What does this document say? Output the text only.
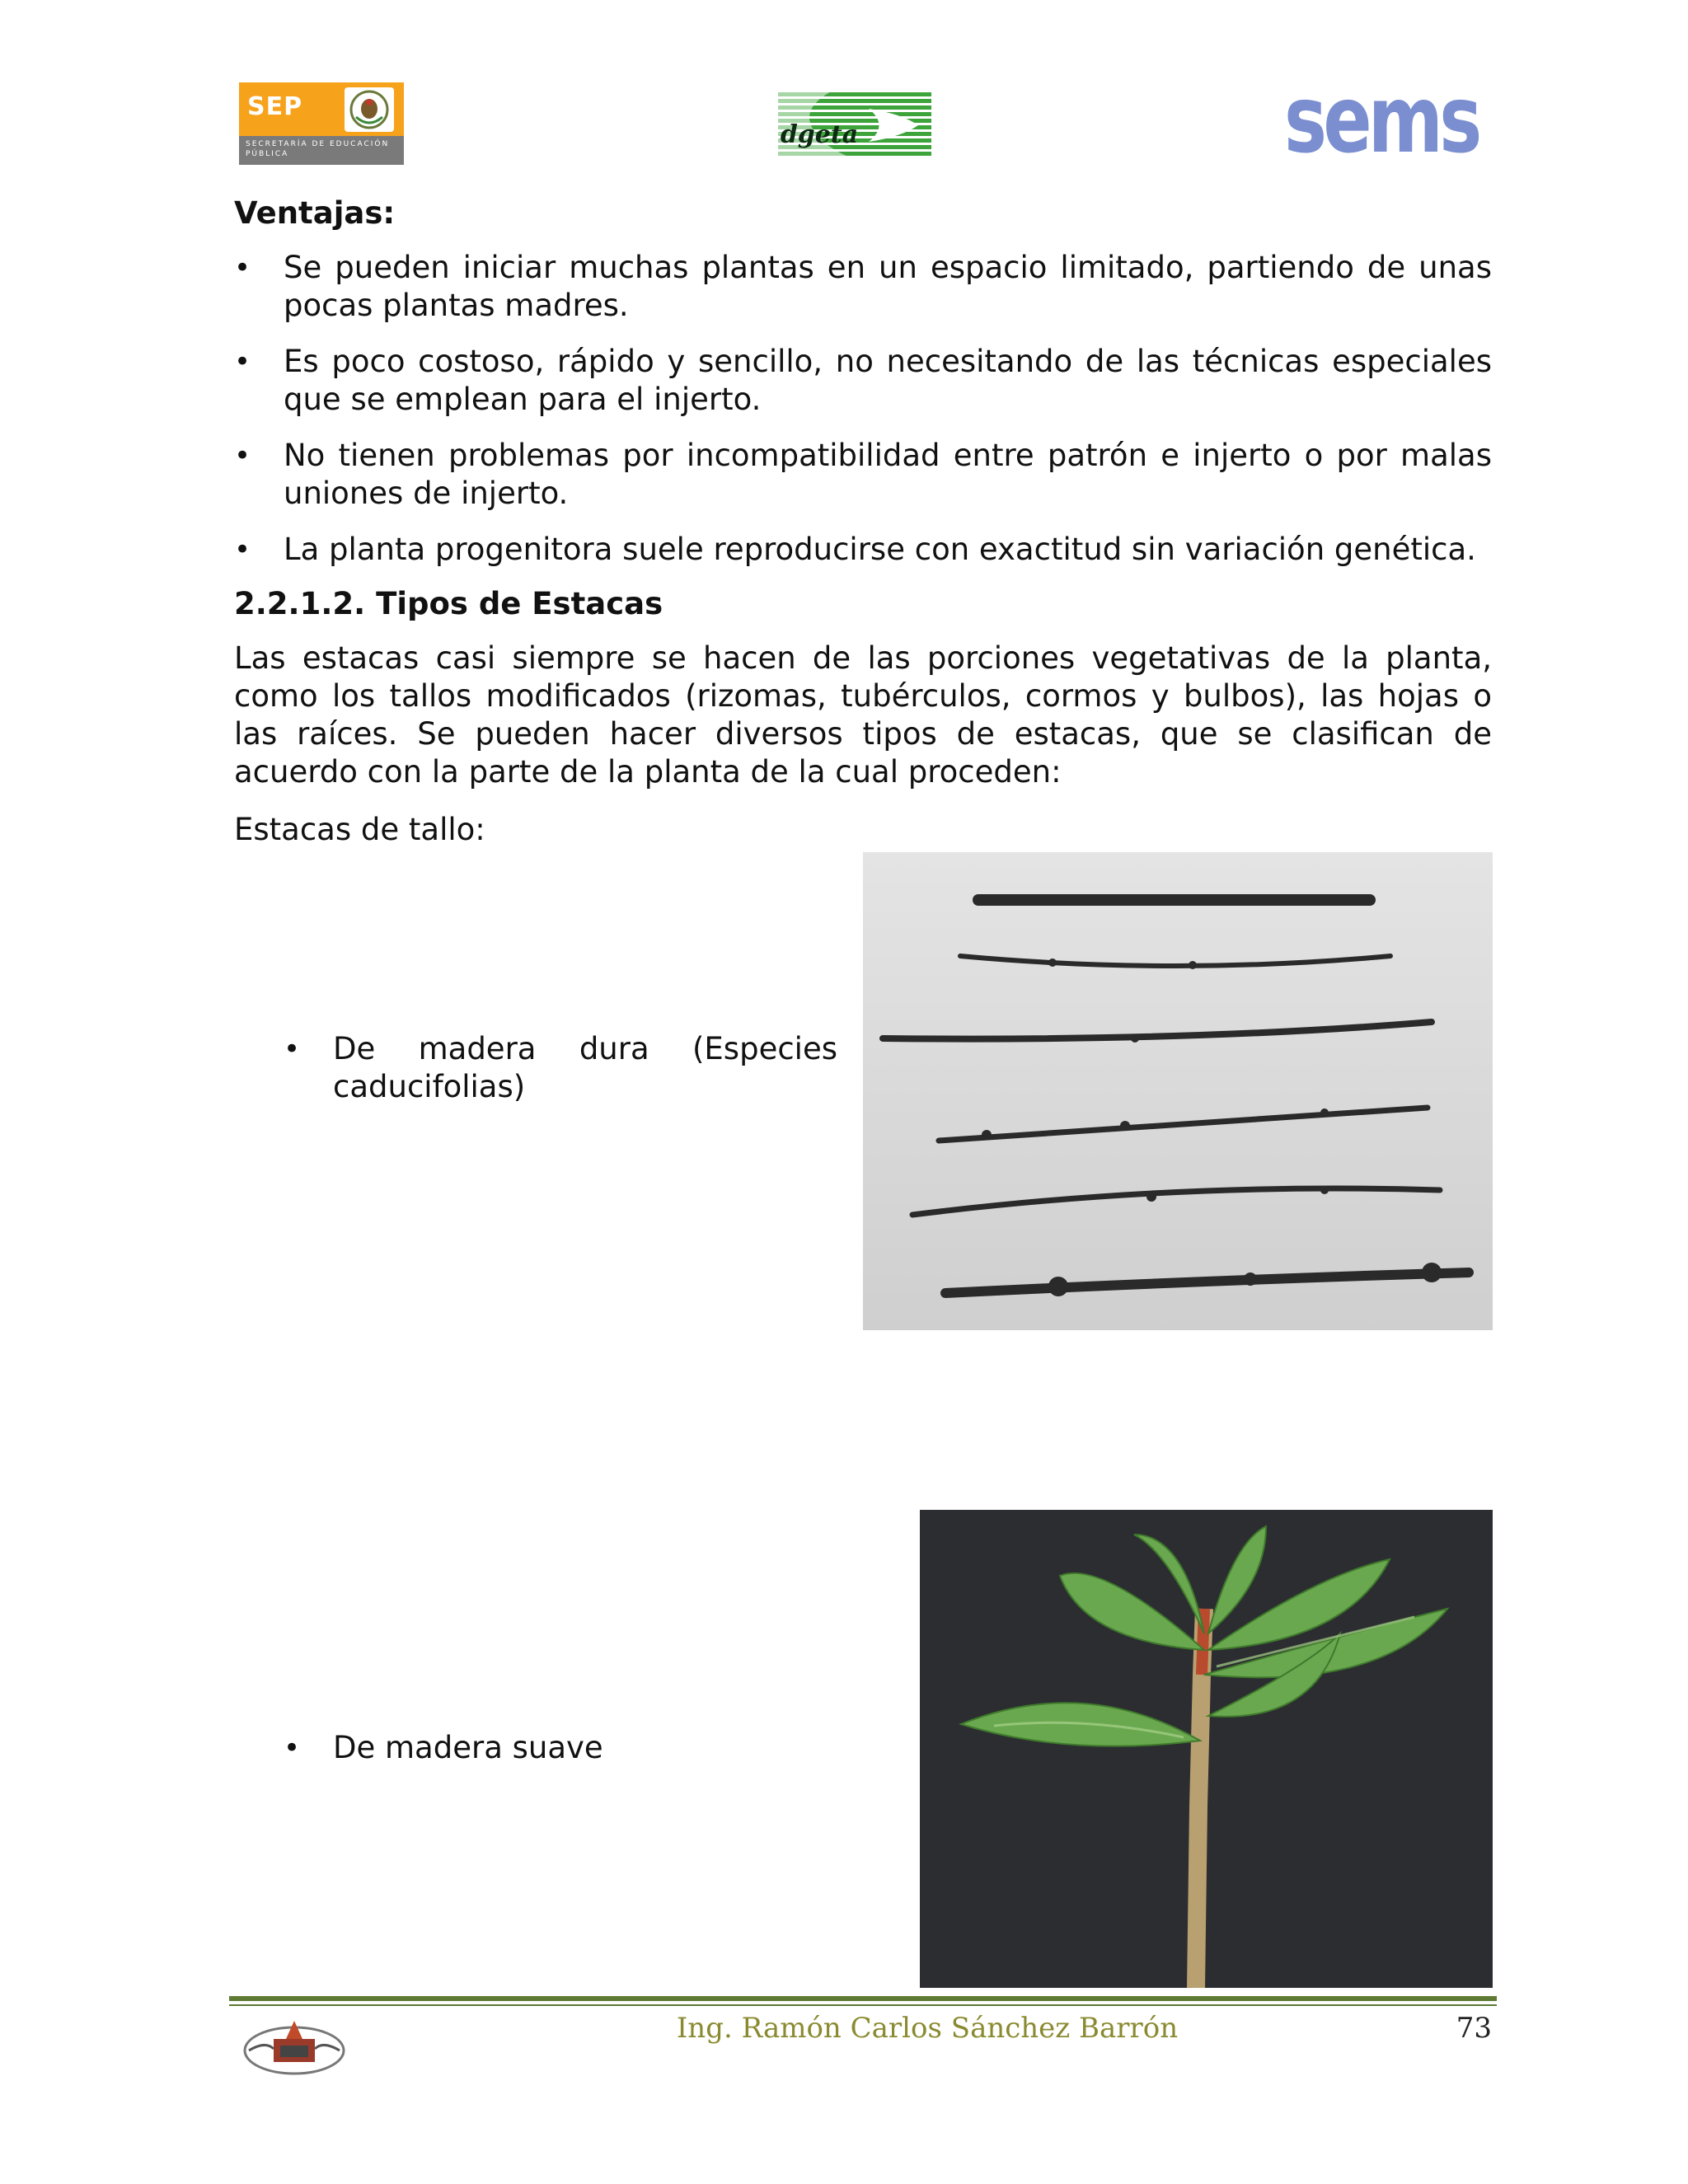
SEP
SECRETARÍA DE EDUCACIÓN PÚBLICA
dgeta	sems
Ventajas:
• Se pueden iniciar muchas plantas en un espacio limitado, partiendo de unas pocas plantas madres.
• Es poco costoso, rápido y sencillo, no necesitando de las técnicas especiales que se emplean para el injerto.
• No tienen problemas por incompatibilidad entre patrón e injerto o por malas uniones de injerto.
• La planta progenitora suele reproducirse con exactitud sin variación genética.
2.2.1.2. Tipos de Estacas
Las estacas casi siempre se hacen de las porciones vegetativas de la planta, como los tallos modificados (rizomas, tubérculos, cormos y bulbos), las hojas o las raíces. Se pueden hacer diversos tipos de estacas, que se clasifican de acuerdo con la parte de la planta de la cual proceden:
Estacas de tallo:
• De madera dura (Especies caducifolias)
• De madera suave
Ing. Ramón Carlos Sánchez Barrón	73
